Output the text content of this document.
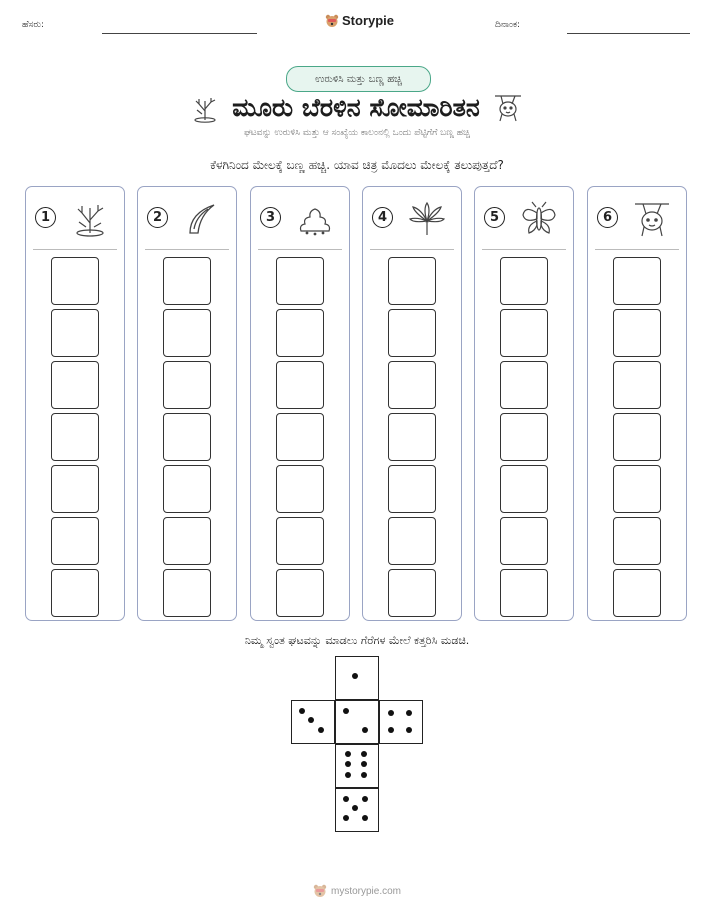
ಹೆಸರು:	Storypie	ದಿನಾಂಕ:
ಉರುಳಿಸಿ ಮತ್ತು ಬಣ್ಣ ಹಚ್ಚಿ
ಮೂರು ಬೆರಳಿನ ಸೋಮಾರಿತನ
ಘಟವನ್ನು ಉರುಳಿಸಿ ಮತ್ತು ಆ ಸಂಖ್ಯೆಯ ಕಾಲಂನಲ್ಲಿ ಒಂದು ಪೆಟ್ಟಿಗೆಗೆ ಬಣ್ಣ ಹಚ್ಚಿ
ಕೆಳಗಿನಿಂದ ಮೇಲಕ್ಕೆ ಬಣ್ಣ ಹಚ್ಚಿ. ಯಾವ ಚಿತ್ರ ಮೊದಲು ಮೇಲಕ್ಕೆ ತಲುಪುತ್ತದೆ?
1	2	3	4	5	6
ನಿಮ್ಮ ಸ್ವಂತ ಘಟವನ್ನು ಮಾಡಲು ಗೆರೆಗಳ ಮೇಲೆ ಕತ್ತರಿಸಿ ಮಡಚಿ.
mystorypie.com
